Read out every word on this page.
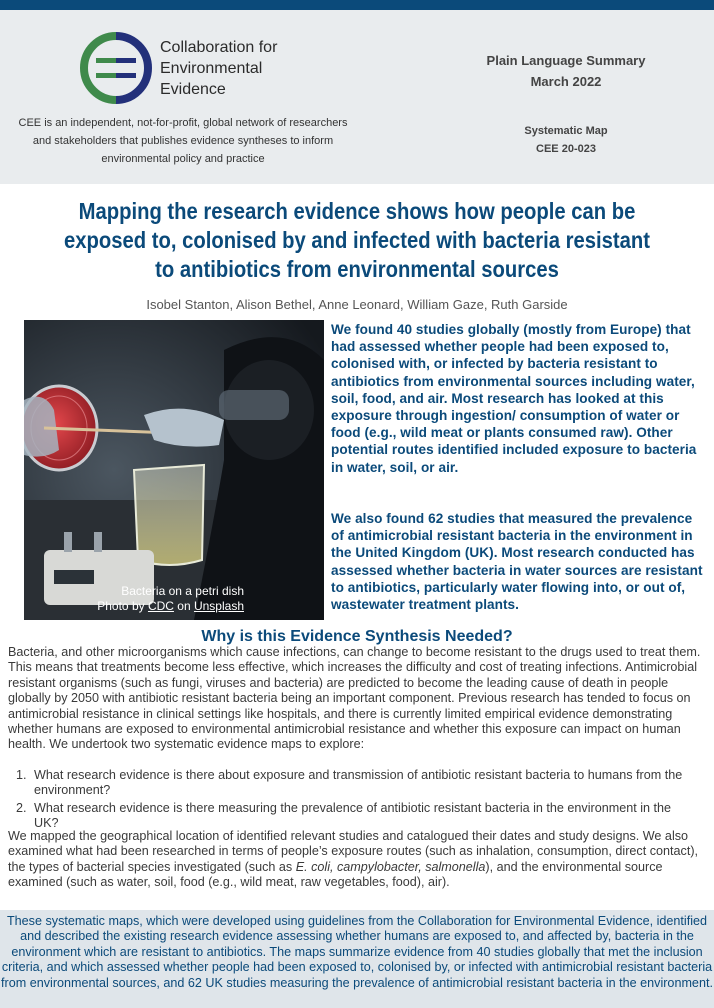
Collaboration for
Environmental
Evidence
CEE is an independent, not-for-profit, global network of researchers and stakeholders that publishes evidence syntheses to inform environmental policy and practice
Plain Language Summary
March 2022
Systematic Map
CEE 20-023
Mapping the research evidence shows how people can be exposed to, colonised by and infected with bacteria resistant to antibiotics from environmental sources
Isobel Stanton, Alison Bethel, Anne Leonard, William Gaze, Ruth Garside
Bacteria on a petri dish
Photo by CDC on Unsplash
We found 40 studies globally (mostly from Europe) that had assessed whether people had been exposed to, colonised with, or infected by bacteria resistant to antibiotics from environmental sources including water, soil, food, and air. Most research has looked at this exposure through ingestion/ consumption of water or food (e.g., wild meat or plants consumed raw). Other potential routes identified included exposure to bacteria in water, soil, or air.
We also found 62 studies that measured the prevalence of antimicrobial resistant bacteria in the environment in the United Kingdom (UK). Most research conducted has assessed whether bacteria in water sources are resistant to antibiotics, particularly water flowing into, or out of, wastewater treatment plants.
Why is this Evidence Synthesis Needed?
Bacteria, and other microorganisms which cause infections, can change to become resistant to the drugs used to treat them. This means that treatments become less effective, which increases the difficulty and cost of treating infections. Antimicrobial resistant organisms (such as fungi, viruses and bacteria) are predicted to become the leading cause of death in people globally by 2050 with antibiotic resistant bacteria being an important component. Previous research has tended to focus on antimicrobial resistance in clinical settings like hospitals, and there is currently limited empirical evidence demonstrating whether humans are exposed to environmental antimicrobial resistance and whether this exposure can impact on human health. We undertook two systematic evidence maps to explore:
1. What research evidence is there about exposure and transmission of antibiotic resistant bacteria to humans from the environment?
2. What research evidence is there measuring the prevalence of antibiotic resistant bacteria in the environment in the UK?
We mapped the geographical location of identified relevant studies and catalogued their dates and study designs. We also examined what had been researched in terms of people’s exposure routes (such as inhalation, consumption, direct contact), the types of bacterial species investigated (such as E. coli, campylobacter, salmonella), and the environmental source examined (such as water, soil, food (e.g., wild meat, raw vegetables, food), air).
These systematic maps, which were developed using guidelines from the Collaboration for Environmental Evidence, identified and described the existing research evidence assessing whether humans are exposed to, and affected by, bacteria in the environment which are resistant to antibiotics. The maps summarize evidence from 40 studies globally that met the inclusion criteria, and which assessed whether people had been exposed to, colonised by, or infected with antimicrobial resistant bacteria from environmental sources, and 62 UK studies measuring the prevalence of antimicrobial resistant bacteria in the environment.
